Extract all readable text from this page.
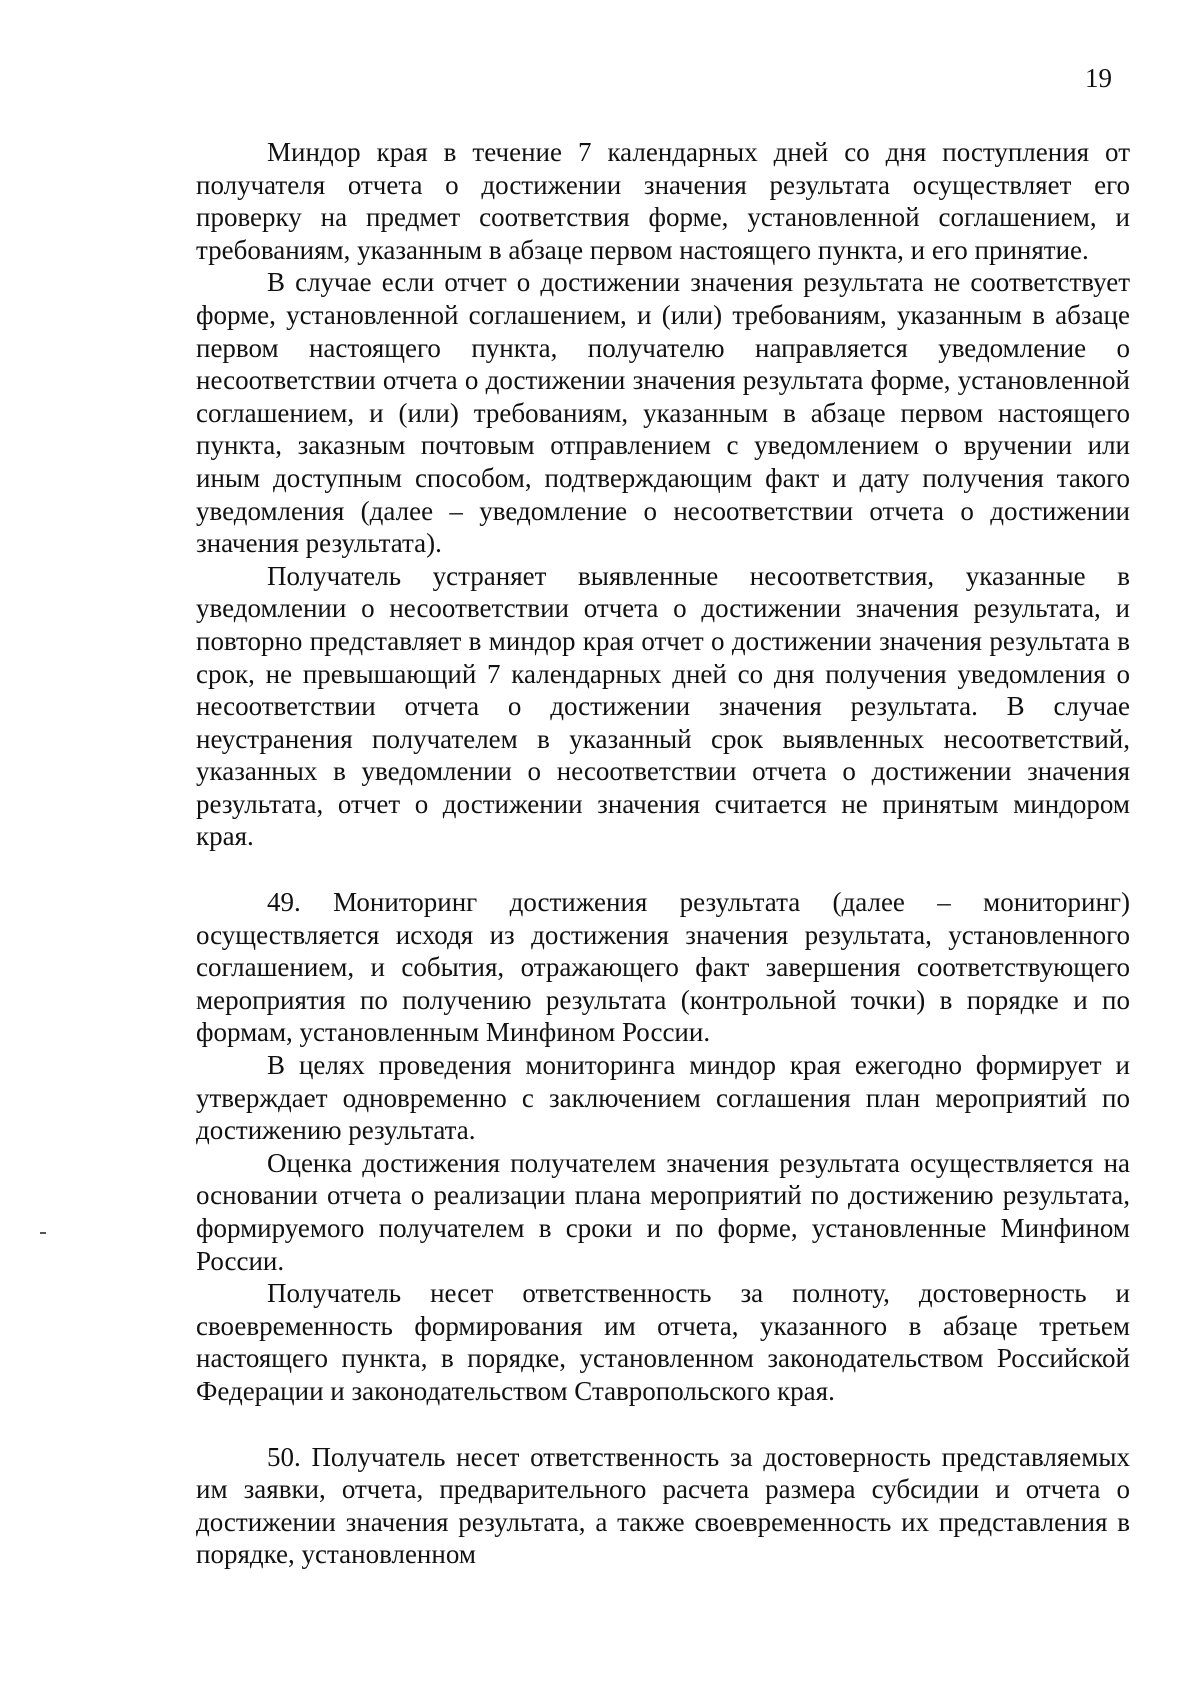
19

Миндор края в течение 7 календарных дней со дня поступления от получателя отчета о достижении значения результата осуществляет его проверку на предмет соответствия форме, установленной соглашением, и требованиям, указанным в абзаце первом настоящего пункта, и его принятие.

В случае если отчет о достижении значения результата не соответствует форме, установленной соглашением, и (или) требованиям, указанным в абзаце первом настоящего пункта, получателю направляется уведомление о несоответствии отчета о достижении значения результата форме, установленной соглашением, и (или) требованиям, указанным в абзаце первом настоящего пункта, заказным почтовым отправлением с уведомлением о вручении или иным доступным способом, подтверждающим факт и дату получения такого уведомления (далее – уведомление о несоответствии отчета о достижении значения результата).

Получатель устраняет выявленные несоответствия, указанные в уведомлении о несоответствии отчета о достижении значения результата, и повторно представляет в миндор края отчет о достижении значения результата в срок, не превышающий 7 календарных дней со дня получения уведомления о несоответствии отчета о достижении значения результата. В случае неустранения получателем в указанный срок выявленных несоответствий, указанных в уведомлении о несоответствии отчета о достижении значения результата, отчет о достижении значения считается не принятым миндором края.

49. Мониторинг достижения результата (далее – мониторинг) осуществляется исходя из достижения значения результата, установленного соглашением, и события, отражающего факт завершения соответствующего мероприятия по получению результата (контрольной точки) в порядке и по формам, установленным Минфином России.

В целях проведения мониторинга миндор края ежегодно формирует и утверждает одновременно с заключением соглашения план мероприятий по достижению результата.

Оценка достижения получателем значения результата осуществляется на основании отчета о реализации плана мероприятий по достижению результата, формируемого получателем в сроки и по форме, установленные Минфином России.

Получатель несет ответственность за полноту, достоверность и своевременность формирования им отчета, указанного в абзаце третьем настоящего пункта, в порядке, установленном законодательством Российской Федерации и законодательством Ставропольского края.

50. Получатель несет ответственность за достоверность представляемых им заявки, отчета, предварительного расчета размера субсидии и отчета о достижении значения результата, а также своевременность их представления в порядке, установленном
